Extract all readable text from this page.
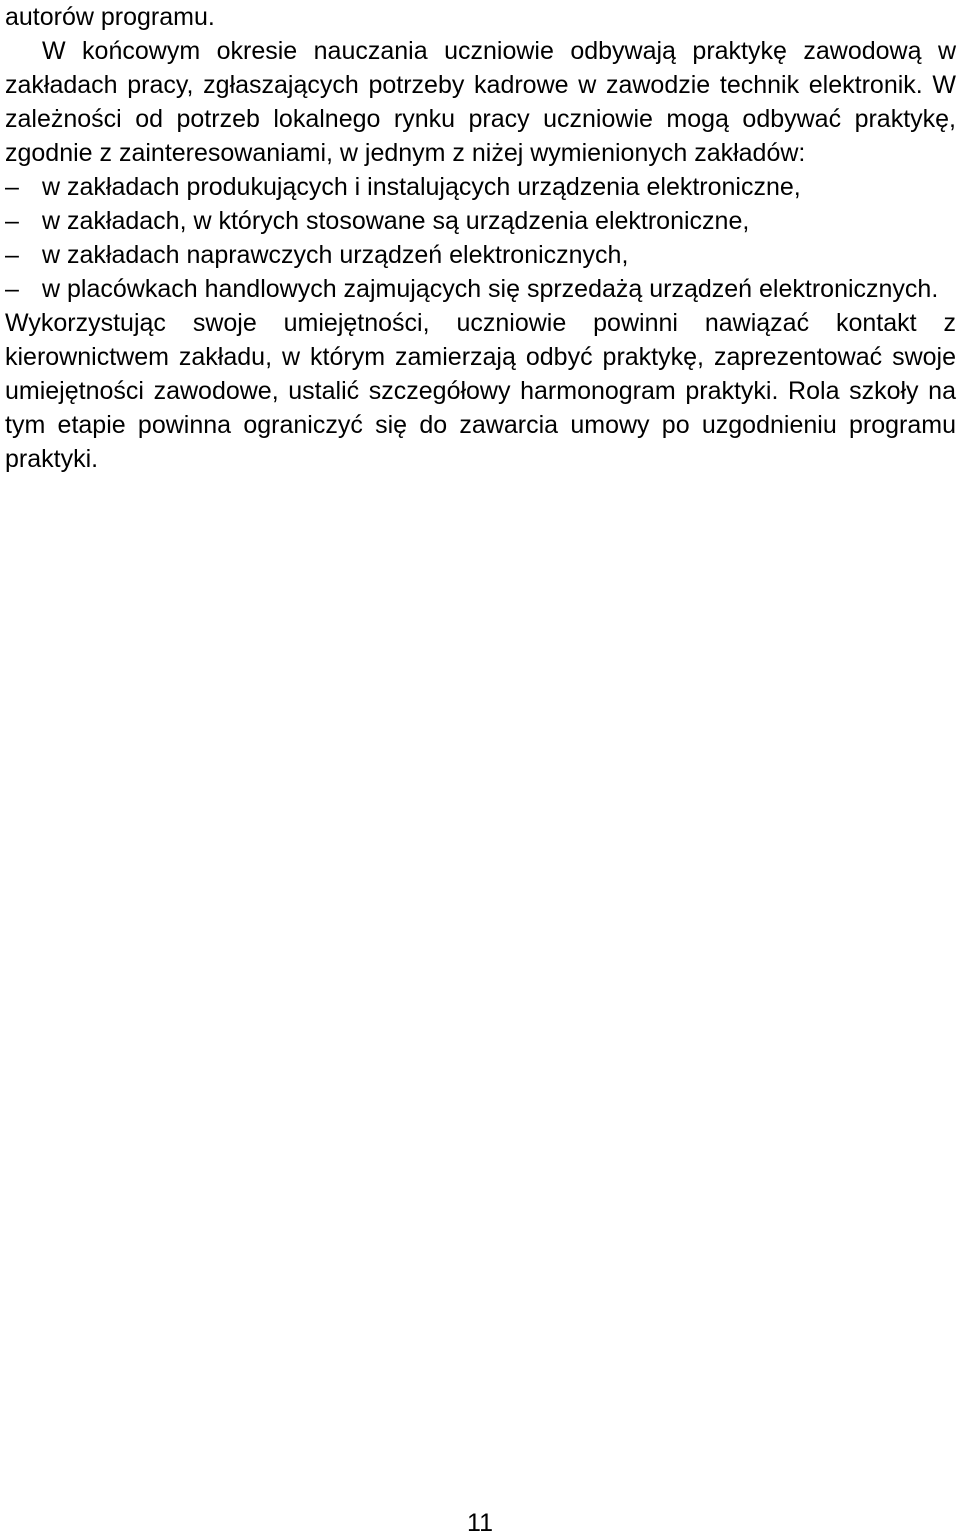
autorów programu.

W końcowym okresie nauczania uczniowie odbywają praktykę zawodową w zakładach pracy, zgłaszających potrzeby kadrowe w zawodzie technik elektronik. W zależności od potrzeb lokalnego rynku pracy uczniowie mogą odbywać praktykę, zgodnie z zainteresowaniami, w jednym z niżej wymienionych zakładów:

– w zakładach produkujących i instalujących urządzenia elektroniczne,
– w zakładach, w których stosowane są urządzenia elektroniczne,
– w zakładach naprawczych urządzeń elektronicznych,
– w placówkach handlowych zajmujących się sprzedażą urządzeń elektronicznych.

Wykorzystując swoje umiejętności, uczniowie powinni nawiązać kontakt z kierownictwem zakładu, w którym zamierzają odbyć praktykę, zaprezentować swoje umiejętności zawodowe, ustalić szczegółowy harmonogram praktyki. Rola szkoły na tym etapie powinna ograniczyć się do zawarcia umowy po uzgodnieniu programu praktyki.

11
